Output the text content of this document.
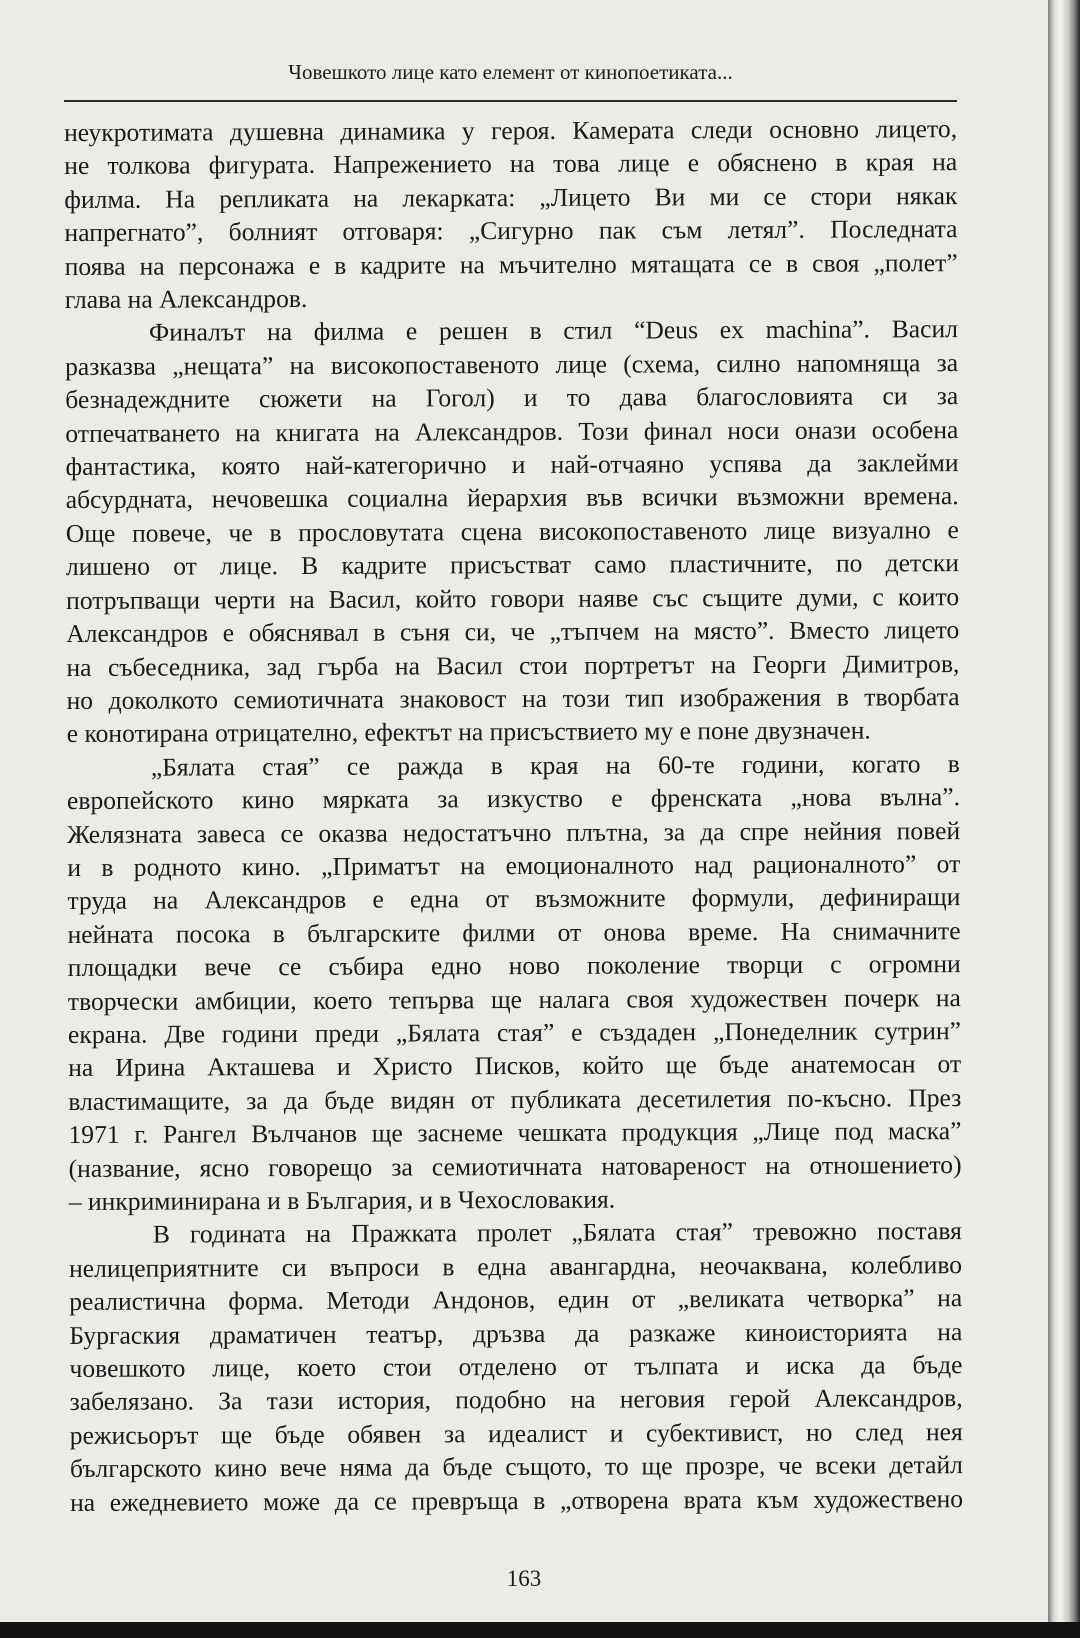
Човешкото лице като елемент от кинопоетиката...

неукротимата душевна динамика у героя. Камерата следи основно лицето,

не толкова фигурата. Напрежението на това лице е обяснено в края на

филма. На репликата на лекарката: „Лицето Ви ми се стори някак

напрегнато”, болният отговаря: „Сигурно пак съм летял”. Последната

поява на персонажа е в кадрите на мъчително мятащата се в своя „полет”

глава на Александров.

Финалът на филма е решен в стил “Deus ex machina”. Васил

разказва „нещата” на високопоставеното лице (схема, силно напомняща за

безнадеждните сюжети на Гогол) и то дава благословията си за

отпечатването на книгата на Александров. Този финал носи онази особена

фантастика, която най-категорично и най-отчаяно успява да заклейми

абсурдната, нечовешка социална йерархия във всички възможни времена.

Още повече, че в прословутата сцена високопоставеното лице визуално е

лишено от лице. В кадрите присъстват само пластичните, по детски

потръпващи черти на Васил, който говори наяве със същите думи, с които

Александров е обяснявал в съня си, че „тъпчем на място”. Вместо лицето

на събеседника, зад гърба на Васил стои портретът на Георги Димитров,

но доколкото семиотичната знаковост на този тип изображения в творбата

е конотирана отрицателно, ефектът на присъствието му е поне двузначен.

„Бялата стая” се ражда в края на 60-те години, когато в

европейското кино мярката за изкуство е френската „нова вълна”.

Желязната завеса се оказва недостатъчно плътна, за да спре нейния повей

и в родното кино. „Приматът на емоционалното над рационалното” от

труда на Александров е една от възможните формули, дефиниращи

нейната посока в българските филми от онова време. На снимачните

площадки вече се събира едно ново поколение творци с огромни

творчески амбиции, което тепърва ще налага своя художествен почерк на

екрана. Две години преди „Бялата стая” е създаден „Понеделник сутрин”

на Ирина Акташева и Христо Писков, който ще бъде анатемосан от

властимащите, за да бъде видян от публиката десетилетия по-късно. През

1971 г. Рангел Вълчанов ще заснеме чешката продукция „Лице под маска”

(название, ясно говорещо за семиотичната натовареност на отношението)

– инкриминирана и в България, и в Чехословакия.

В годината на Пражката пролет „Бялата стая” тревожно поставя

нелицеприятните си въпроси в една авангардна, неочаквана, колебливо

реалистична форма. Методи Андонов, един от „великата четворка” на

Бургаския драматичен театър, дръзва да разкаже киноисторията на

човешкото лице, което стои отделено от тълпата и иска да бъде

забелязано. За тази история, подобно на неговия герой Александров,

режисьорът ще бъде обявен за идеалист и субективист, но след нея

българското кино вече няма да бъде същото, то ще прозре, че всеки детайл

на ежедневието може да се превръща в „отворена врата към художествено

163
